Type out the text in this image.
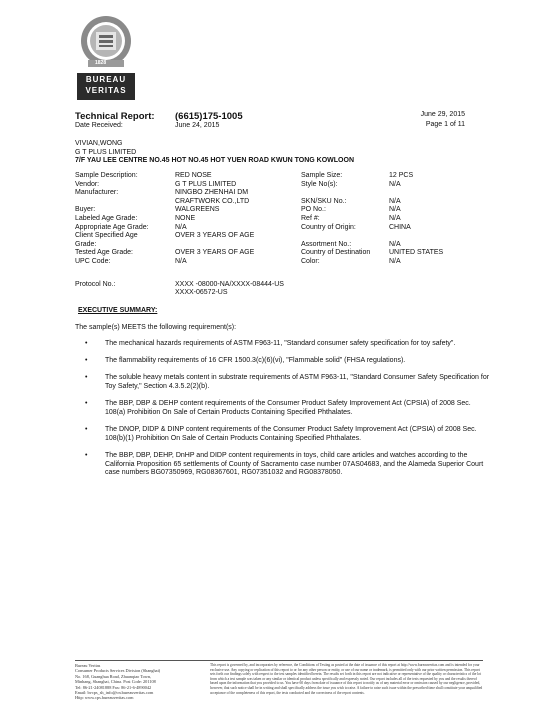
1828
BUREAU
VERITAS
Technical Report: (6615)175-1005	June 29, 2015
Date Received:	June 24, 2015	Page 1 of 11
VIVIAN,WONG
G T PLUS LIMITED
7/F YAU LEE CENTRE NO.45 HOT NO.45 HOT YUEN ROAD KWUN TONG KOWLOON
Sample Description:	RED NOSE	Sample Size:	12 PCS
Vendor:	G T PLUS LIMITED	Style No(s):	N/A
Manufacturer:	NINGBO ZHENHAI DM
CRAFTWORK CO.,LTD	SKN/SKU No.:	N/A
Buyer:	WALGREENS	PO No.:	N/A
Labeled Age Grade:	NONE	Ref #:	N/A
Appropriate Age Grade:	N/A	Country of Origin:	CHINA
Client Specified Age	OVER 3 YEARS OF AGE
Grade:	Assortment No.:	N/A
Tested Age Grade:	OVER 3 YEARS OF AGE	Country of Destination	UNITED STATES
UPC Code:	N/A	Color:	N/A
Protocol No.:	XXXX -08000-NA/XXXX-08444-US
XXXX-06572-US
EXECUTIVE SUMMARY:
The sample(s) MEETS the following requirement(s):
•	The mechanical hazards requirements of ASTM F963-11, "Standard consumer safety specification for toy safety".
•	The flammability requirements of 16 CFR 1500.3(c)(6)(vi), "Flammable solid" (FHSA regulations).
•	The soluble heavy metals content in substrate requirements of ASTM F963-11, "Standard Consumer Safety Specification for Toy Safety," Section 4.3.5.2(2)(b).
•	The BBP, DBP & DEHP content requirements of the Consumer Product Safety Improvement Act (CPSIA) of 2008 Sec. 108(a) Prohibition On Sale of Certain Products Containing Specified Phthalates.
•	The DNOP, DIDP & DINP content requirements of the Consumer Product Safety Improvement Act (CPSIA) of 2008 Sec. 108(b)(1) Prohibition On Sale of Certain Products Containing Specified Phthalates.
•	The BBP, DBP, DEHP, DnHP and DIDP content requirements in toys, child care articles and watches according to the California Proposition 65 settlements of County of Sacramento case number 07AS04683, and the Alameda Superior Court case numbers BG07350969, RG08367601, RG07351032 and RG08378050.
Bureau Veritas
Consumer Products Services Division (Shanghai)
No. 168, Guanghua Road, Zhuanqiao Town,
Minhang, Shanghai, China. Post Code: 201108
Tel: 86-21-24081888 Fax: 86-21-6-4890042
Email: bvcps_sh_info@cn.bureauveritas.com
Http: www.cps.bureauveritas.com
This report is governed by, and incorporates by reference, the Conditions of Testing as posted at the date of issuance of this report at http://www.bureauveritas.com and is intended for your exclusive use. Any copying or replication of this report to or for any other person or entity, or use of our name or trademark, is permitted only with our prior written permission. This report sets forth our findings solely with respect to the test samples identified herein. The results set forth in this report are not indicative or representative of the quality or characteristics of the lot from which a test sample was taken or any similar or identical product unless specifically and expressly noted. Our report includes all of the tests requested by you and the results thereof based upon the information that you provided to us. You have 60 days from date of issuance of this report to notify us of any material error or omission caused by our negligence, provided, however, that such notice shall be in writing and shall specifically address the issue you wish to raise. A failure to raise such issue within the prescribed time shall constitute your unqualified acceptance of the completeness of this report, the tests conducted and the correctness of the report contents.
